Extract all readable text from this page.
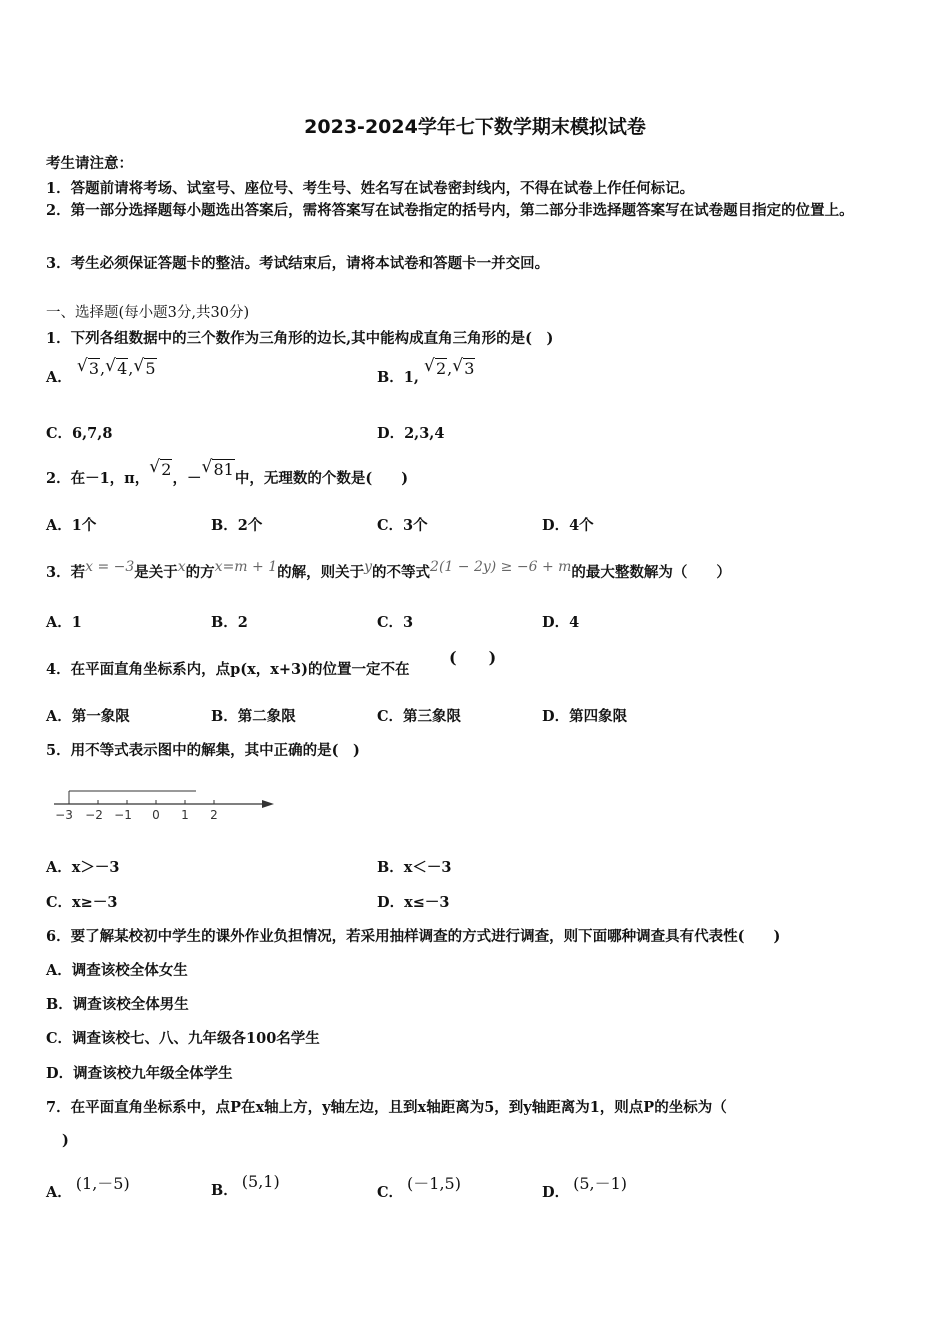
2023-2024学年七下数学期末模拟试卷
考生请注意：
1．答题前请将考场、试室号、座位号、考生号、姓名写在试卷密封线内，不得在试卷上作任何标记。
2．第一部分选择题每小题选出答案后，需将答案写在试卷指定的括号内，第二部分非选择题答案写在试卷题目指定的位置上。
3．考生必须保证答题卡的整洁。考试结束后，请将本试卷和答题卡一并交回。
一、选择题(每小题3分,共30分)
1．下列各组数据中的三个数作为三角形的边长,其中能构成直角三角形的是(　)
A．
√ 3, √ 4, √ 5	B．1,
√ 2, √ 3
C．6,7,8	D．2,3,4
2．在－1，π，
√ 2，－
√ 81中，无理数的个数是(　　)
A．1个	B．2个	C．3个	D．4个
3．若x = −3是关于x的方x=m + 1的解，则关于y的不等式2(1 − 2y) ≥ −6 + m的最大整数解为（　　）
A．1	B．2	C．3	D．4
4．在平面直角坐标系内，点p(x，x+3)的位置一定不在
(　　)
A．第一象限	B．第二象限	C．第三象限	D．第四象限
5．用不等式表示图中的解集，其中正确的是(　)
−3 −2 −1 0 1 2
A．x＞－3	B．x＜－3
C．x≥－3	D．x≤－3
6．要了解某校初中学生的课外作业负担情况，若采用抽样调查的方式进行调查，则下面哪种调查具有代表性(　　)
A．调查该校全体女生
B．调查该校全体男生
C．调查该校七、八、九年级各100名学生
D．调查该校九年级全体学生
7．在平面直角坐标系中，点P在x轴上方，y轴左边，且到x轴距离为5，到y轴距离为1，则点P的坐标为（
)
A． (1,－5)	B． (5,1)
C． (－1,5)	D． (5,－1)
